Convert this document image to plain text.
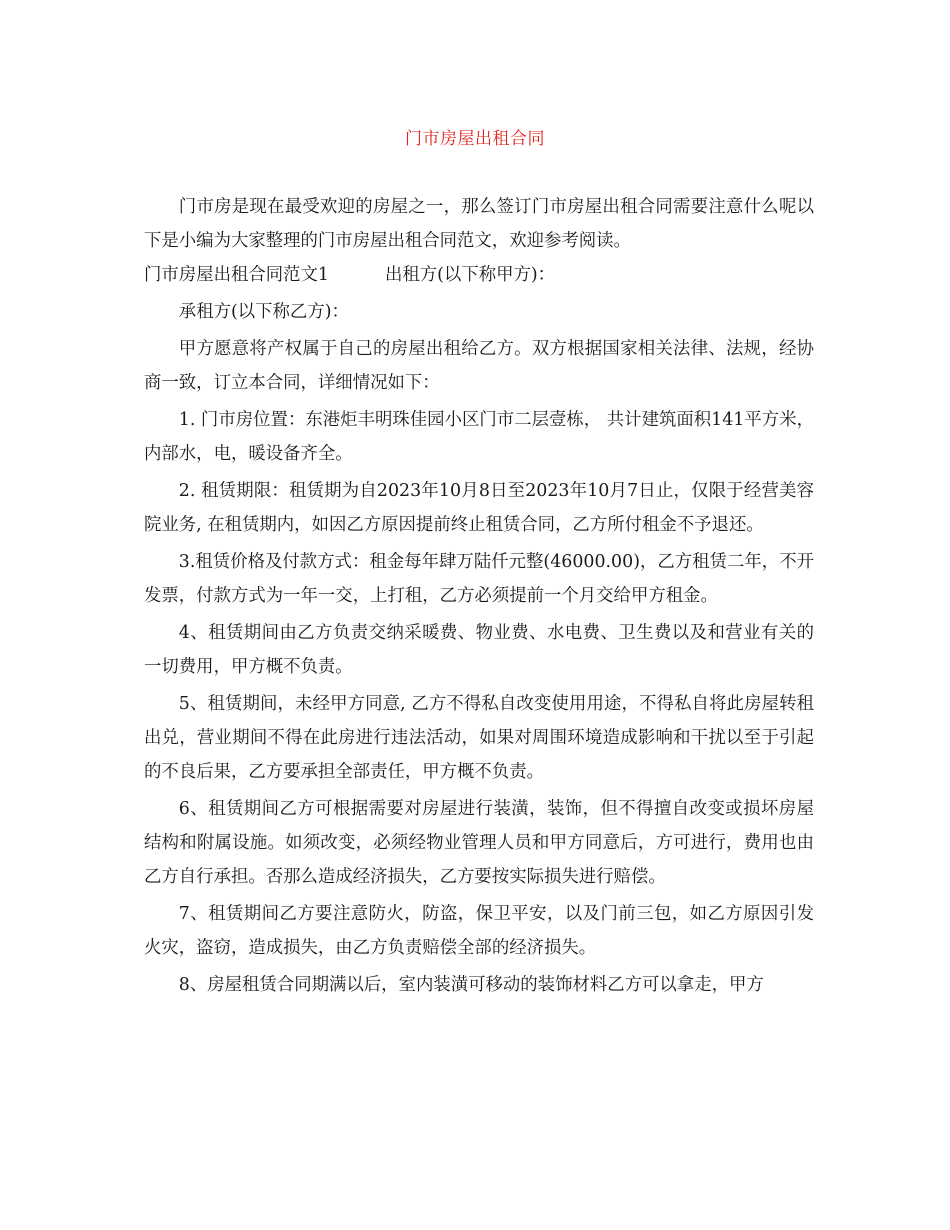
门市房屋出租合同

门市房是现在最受欢迎的房屋之一，那么签订门市房屋出租合同需要注意什么呢以下是小编为大家整理的门市房屋出租合同范文，欢迎参考阅读。

门市房屋出租合同范文1	出租方(以下称甲方)：

承租方(以下称乙方)：

甲方愿意将产权属于自己的房屋出租给乙方。双方根据国家相关法律、法规，经协商一致，订立本合同，详细情况如下：

1. 门市房位置：东港炬丰明珠佳园小区门市二层壹栋， 共计建筑面积141平方米，内部水，电，暖设备齐全。

2. 租赁期限：租赁期为自2023年10月8日至2023年10月7日止，仅限于经营美容院业务, 在租赁期内，如因乙方原因提前终止租赁合同，乙方所付租金不予退还。

3.租赁价格及付款方式：租金每年肆万陆仟元整(46000.00)，乙方租赁二年，不开发票，付款方式为一年一交，上打租，乙方必须提前一个月交给甲方租金。

4、租赁期间由乙方负责交纳采暖费、物业费、水电费、卫生费以及和营业有关的一切费用，甲方概不负责。

5、租赁期间，未经甲方同意, 乙方不得私自改变使用用途，不得私自将此房屋转租出兑，营业期间不得在此房进行违法活动，如果对周围环境造成影响和干扰以至于引起的不良后果，乙方要承担全部责任，甲方概不负责。

6、租赁期间乙方可根据需要对房屋进行装潢，装饰，但不得擅自改变或损坏房屋结构和附属设施。如须改变，必须经物业管理人员和甲方同意后，方可进行，费用也由乙方自行承担。否那么造成经济损失，乙方要按实际损失进行赔偿。

7、租赁期间乙方要注意防火，防盗，保卫平安，以及门前三包，如乙方原因引发火灾，盗窃，造成损失，由乙方负责赔偿全部的经济损失。

8、房屋租赁合同期满以后，室内装潢可移动的装饰材料乙方可以拿走，甲方
